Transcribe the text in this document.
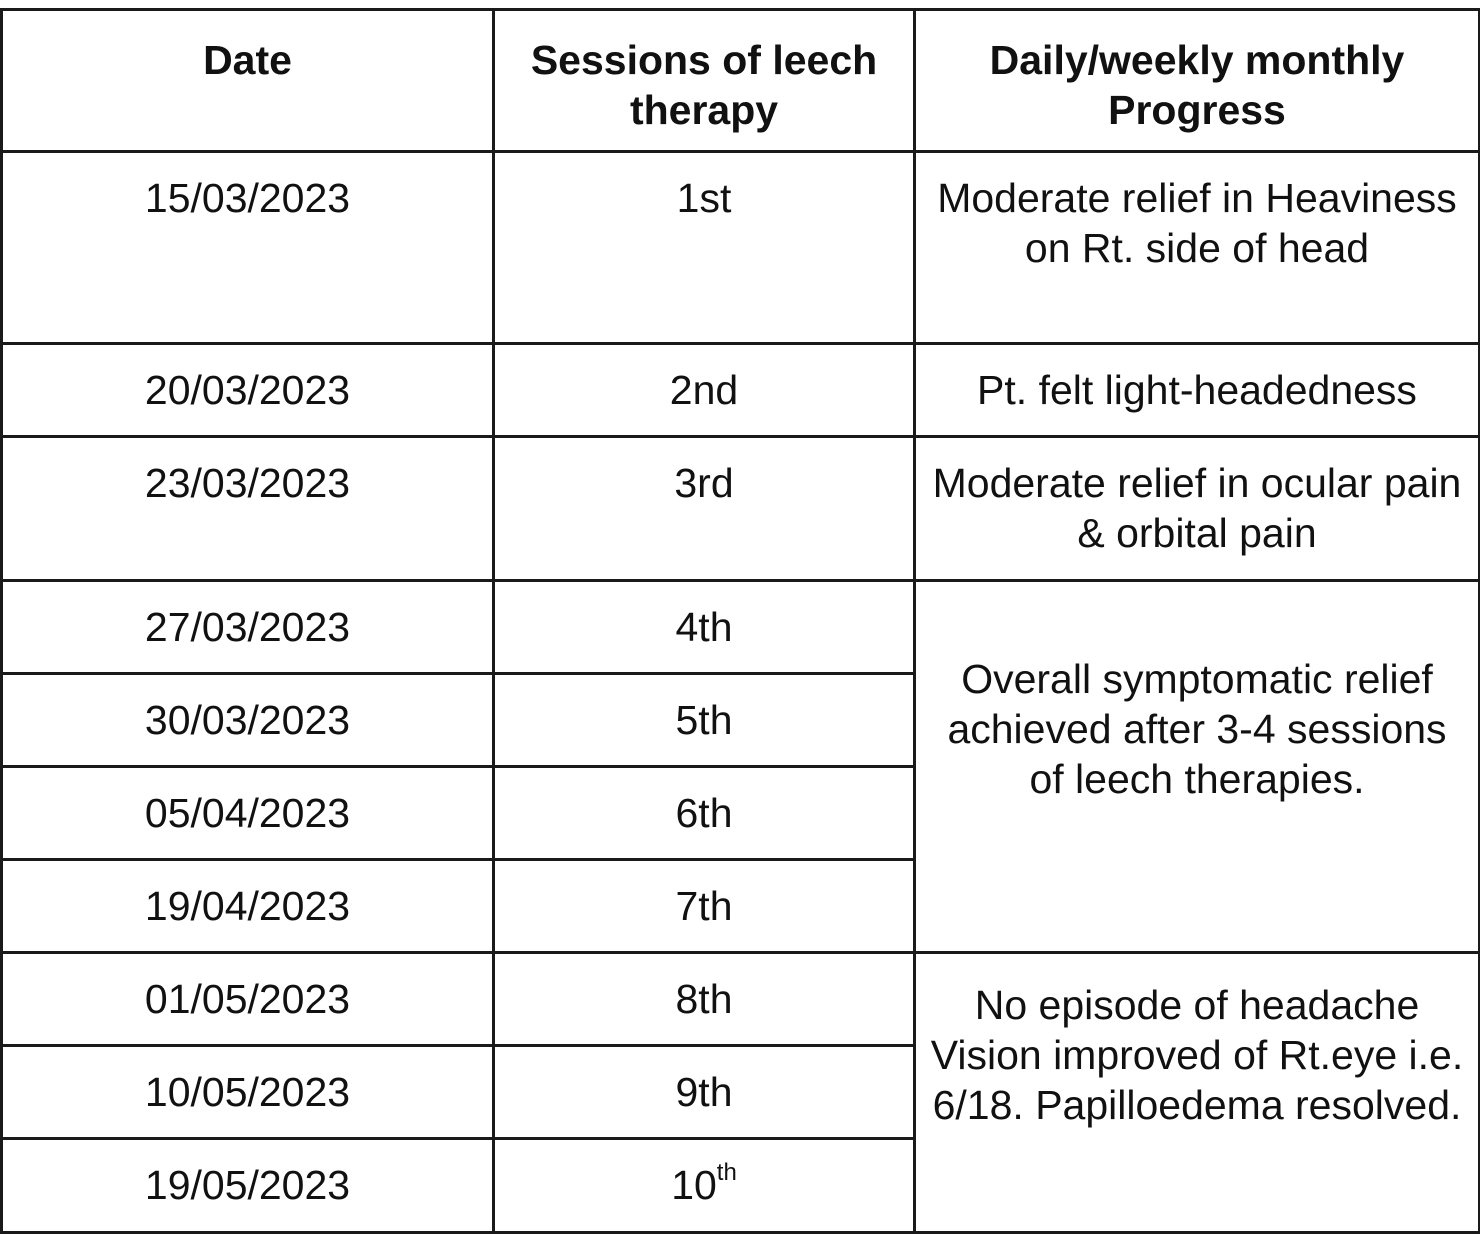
Date	Sessions of leech therapy	Daily/weekly monthly Progress
15/03/2023	1st	Moderate relief in Heaviness on Rt. side of head
20/03/2023	2nd	Pt. felt light-headedness
23/03/2023	3rd	Moderate relief in ocular pain & orbital pain
27/03/2023	4th	Overall symptomatic relief achieved after 3-4 sessions of leech therapies.
30/03/2023	5th	
05/04/2023	6th	
19/04/2023	7th	
01/05/2023	8th	No episode of headache Vision improved of Rt.eye i.e. 6/18. Papilloedema resolved.
10/05/2023	9th	
19/05/2023	10th
